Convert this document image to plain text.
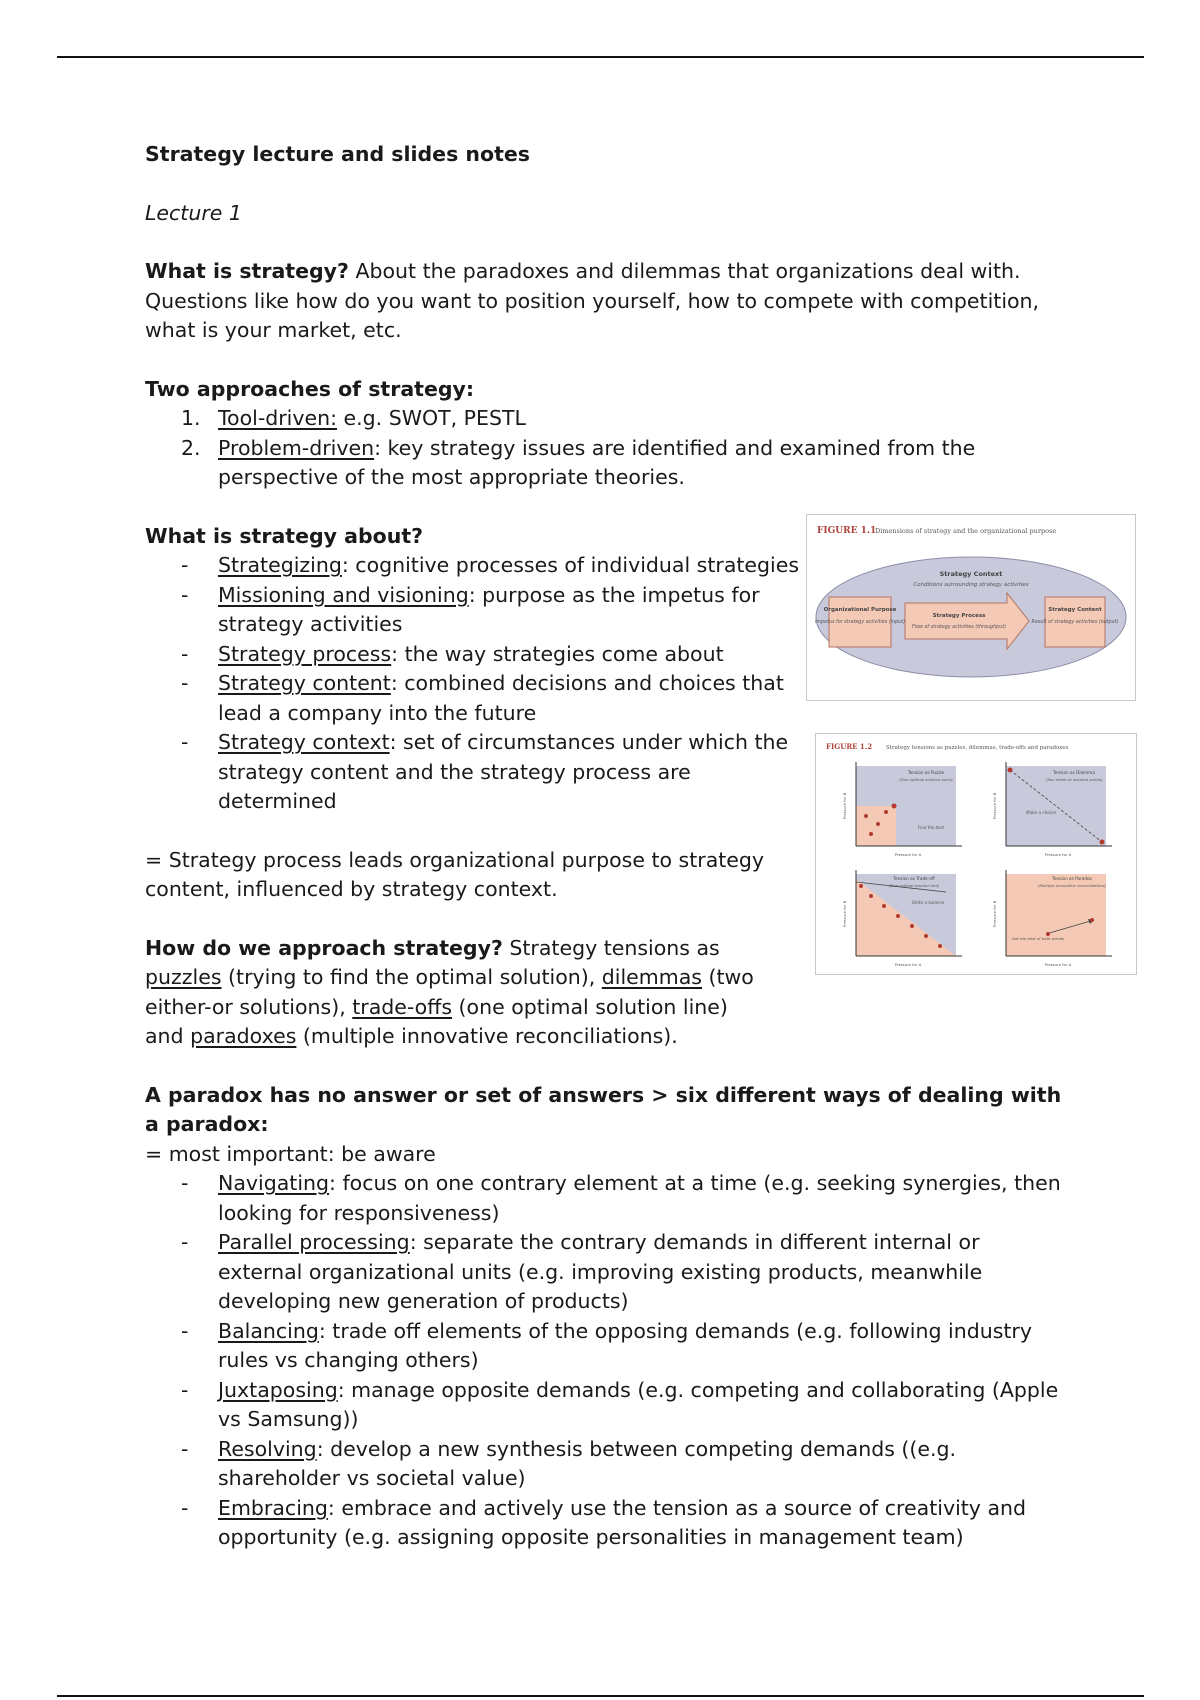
Strategy lecture and slides notes

Lecture 1

What is strategy? About the paradoxes and dilemmas that organizations deal with. Questions like how do you want to position yourself, how to compete with competition, what is your market, etc.

Two approaches of strategy:

1. Tool-driven: e.g. SWOT, PESTL
2. Problem-driven: key strategy issues are identified and examined from the perspective of the most appropriate theories.

What is strategy about?

- Strategizing: cognitive processes of individual strategies
- Missioning and visioning: purpose as the impetus for strategy activities
- Strategy process: the way strategies come about
- Strategy content: combined decisions and choices that lead a company into the future
- Strategy context: set of circumstances under which the strategy content and the strategy process are determined

= Strategy process leads organizational purpose to strategy content, influenced by strategy context.

How do we approach strategy? Strategy tensions as puzzles (trying to find the optimal solution), dilemmas (two either-or solutions), trade-offs (one optimal solution line) and paradoxes (multiple innovative reconciliations).

A paradox has no answer or set of answers > six different ways of dealing with a paradox:

= most important: be aware

- Navigating: focus on one contrary element at a time (e.g. seeking synergies, then looking for responsiveness)
- Parallel processing: separate the contrary demands in different internal or external organizational units (e.g. improving existing products, meanwhile developing new generation of products)
- Balancing: trade off elements of the opposing demands (e.g. following industry rules vs changing others)
- Juxtaposing: manage opposite demands (e.g. competing and collaborating (Apple vs Samsung))
- Resolving: develop a new synthesis between competing demands ((e.g. shareholder vs societal value)
- Embracing: embrace and actively use the tension as a source of creativity and opportunity (e.g. assigning opposite personalities in management team)
FIGURE 1.1
Dimensions of strategy and the organizational purpose
Strategy Context
Conditions surrounding strategy activities
Organizational Purpose
Impetus for strategy activities (input)
Strategy Process
Flow of strategy activities (throughput)
Strategy Content
Result of strategy activities (output)
FIGURE 1.2	Strategy tensions as puzzles, dilemmas, trade-offs and paradoxes
Tension as Puzzle
(One optimal solution point)
Find the best
Pressure for B
Pressure for A
Tension as Dilemma
(Two either-or solution points)
Make a choice
Pressure for B
Pressure for A
Tension as Trade-off
(One optimal solution line)
Strike a balance
Pressure for B
Pressure for A
Tension as Paradox
(Multiple innovative reconciliations)
Get the best of both worlds
Pressure for B
Pressure for A
